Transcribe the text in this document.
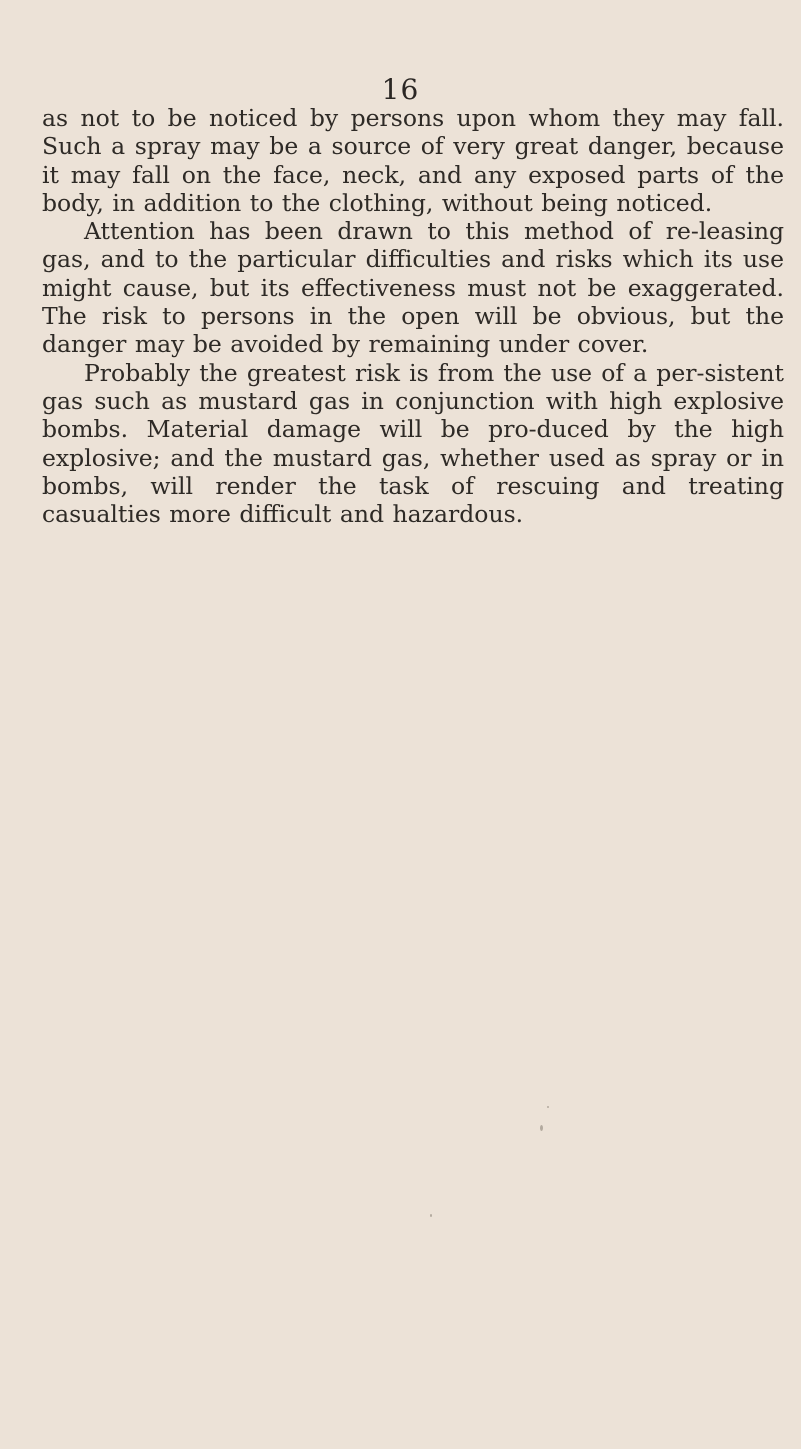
16

as not to be noticed by persons upon whom they may fall. Such a spray may be a source of very great danger, because it may fall on the face, neck, and any exposed parts of the body, in addition to the clothing, without being noticed.

Attention has been drawn to this method of re-leasing gas, and to the particular difficulties and risks which its use might cause, but its effectiveness must not be exaggerated. The risk to persons in the open will be obvious, but the danger may be avoided by remaining under cover.

Probably the greatest risk is from the use of a per-sistent gas such as mustard gas in conjunction with high explosive bombs. Material damage will be pro-duced by the high explosive; and the mustard gas, whether used as spray or in bombs, will render the task of rescuing and treating casualties more difficult and hazardous.
